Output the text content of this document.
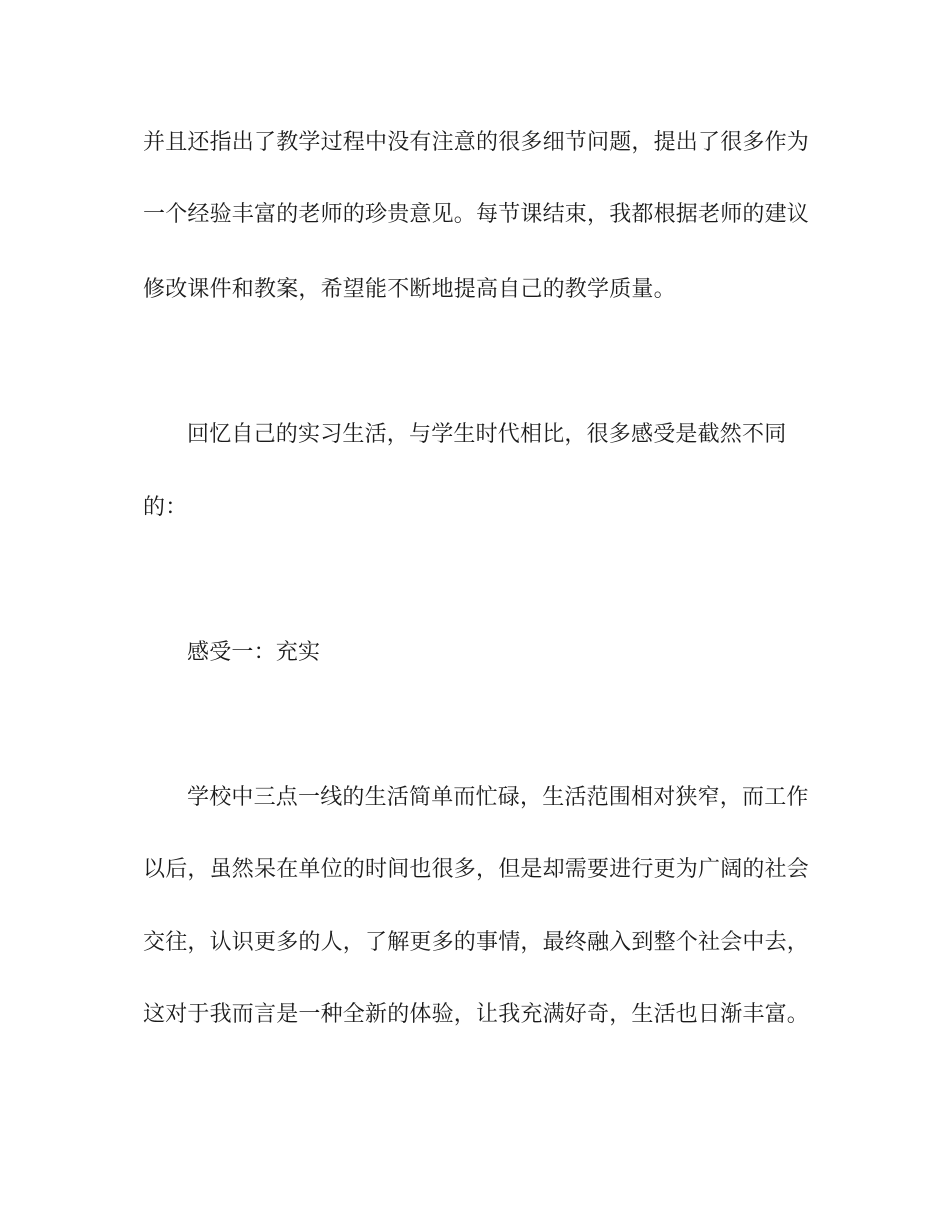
并且还指出了教学过程中没有注意的很多细节问题，提出了很多作为
一个经验丰富的老师的珍贵意见。每节课结束，我都根据老师的建议
修改课件和教案，希望能不断地提高自己的教学质量。
回忆自己的实习生活，与学生时代相比，很多感受是截然不同
的：
感受一：充实
学校中三点一线的生活简单而忙碌，生活范围相对狭窄，而工作
以后，虽然呆在单位的时间也很多，但是却需要进行更为广阔的社会
交往，认识更多的人，了解更多的事情，最终融入到整个社会中去，
这对于我而言是一种全新的体验，让我充满好奇，生活也日渐丰富。
